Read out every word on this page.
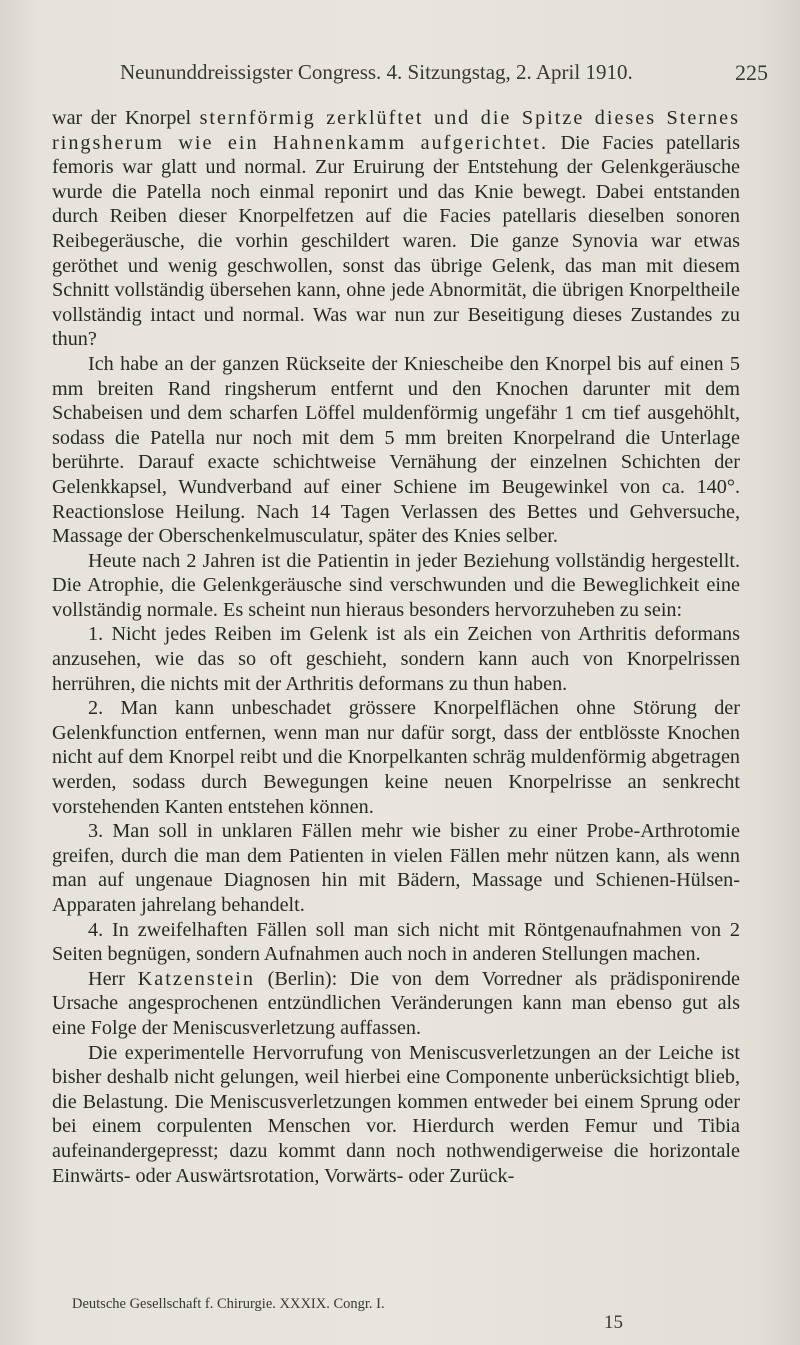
Neununddreissigster Congress. 4. Sitzungstag, 2. April 1910.	225

war der Knorpel sternförmig zerklüftet und die Spitze dieses Sternes ringsherum wie ein Hahnenkamm aufgerichtet. Die Facies patellaris femoris war glatt und normal. Zur Eruirung der Entstehung der Gelenkgeräusche wurde die Patella noch einmal reponirt und das Knie bewegt. Dabei entstanden durch Reiben dieser Knorpelfetzen auf die Facies patellaris dieselben sonoren Reibegeräusche, die vorhin geschildert waren. Die ganze Synovia war etwas geröthet und wenig geschwollen, sonst das übrige Gelenk, das man mit diesem Schnitt vollständig übersehen kann, ohne jede Abnormität, die übrigen Knorpeltheile vollständig intact und normal. Was war nun zur Beseitigung dieses Zustandes zu thun?

Ich habe an der ganzen Rückseite der Kniescheibe den Knorpel bis auf einen 5 mm breiten Rand ringsherum entfernt und den Knochen darunter mit dem Schabeisen und dem scharfen Löffel muldenförmig ungefähr 1 cm tief ausgehöhlt, sodass die Patella nur noch mit dem 5 mm breiten Knorpelrand die Unterlage berührte. Darauf exacte schichtweise Vernähung der einzelnen Schichten der Gelenkkapsel, Wundverband auf einer Schiene im Beugewinkel von ca. 140°. Reactionslose Heilung. Nach 14 Tagen Verlassen des Bettes und Gehversuche, Massage der Oberschenkelmusculatur, später des Knies selber.

Heute nach 2 Jahren ist die Patientin in jeder Beziehung vollständig hergestellt. Die Atrophie, die Gelenkgeräusche sind verschwunden und die Beweglichkeit eine vollständig normale. Es scheint nun hieraus besonders hervorzuheben zu sein:

1. Nicht jedes Reiben im Gelenk ist als ein Zeichen von Arthritis deformans anzusehen, wie das so oft geschieht, sondern kann auch von Knorpelrissen herrühren, die nichts mit der Arthritis deformans zu thun haben.

2. Man kann unbeschadet grössere Knorpelflächen ohne Störung der Gelenkfunction entfernen, wenn man nur dafür sorgt, dass der entblösste Knochen nicht auf dem Knorpel reibt und die Knorpelkanten schräg muldenförmig abgetragen werden, sodass durch Bewegungen keine neuen Knorpelrisse an senkrecht vorstehenden Kanten entstehen können.

3. Man soll in unklaren Fällen mehr wie bisher zu einer Probe-Arthrotomie greifen, durch die man dem Patienten in vielen Fällen mehr nützen kann, als wenn man auf ungenaue Diagnosen hin mit Bädern, Massage und Schienen-Hülsen-Apparaten jahrelang behandelt.

4. In zweifelhaften Fällen soll man sich nicht mit Röntgenaufnahmen von 2 Seiten begnügen, sondern Aufnahmen auch noch in anderen Stellungen machen.

Herr Katzenstein (Berlin): Die von dem Vorredner als prädisponirende Ursache angesprochenen entzündlichen Veränderungen kann man ebenso gut als eine Folge der Meniscusverletzung auffassen.

Die experimentelle Hervorrufung von Meniscusverletzungen an der Leiche ist bisher deshalb nicht gelungen, weil hierbei eine Componente unberücksichtigt blieb, die Belastung. Die Meniscusverletzungen kommen entweder bei einem Sprung oder bei einem corpulenten Menschen vor. Hierdurch werden Femur und Tibia aufeinandergepresst; dazu kommt dann noch nothwendigerweise die horizontale Einwärts- oder Auswärtsrotation, Vorwärts- oder Zurück-

Deutsche Gesellschaft f. Chirurgie. XXXIX. Congr. I.
15
